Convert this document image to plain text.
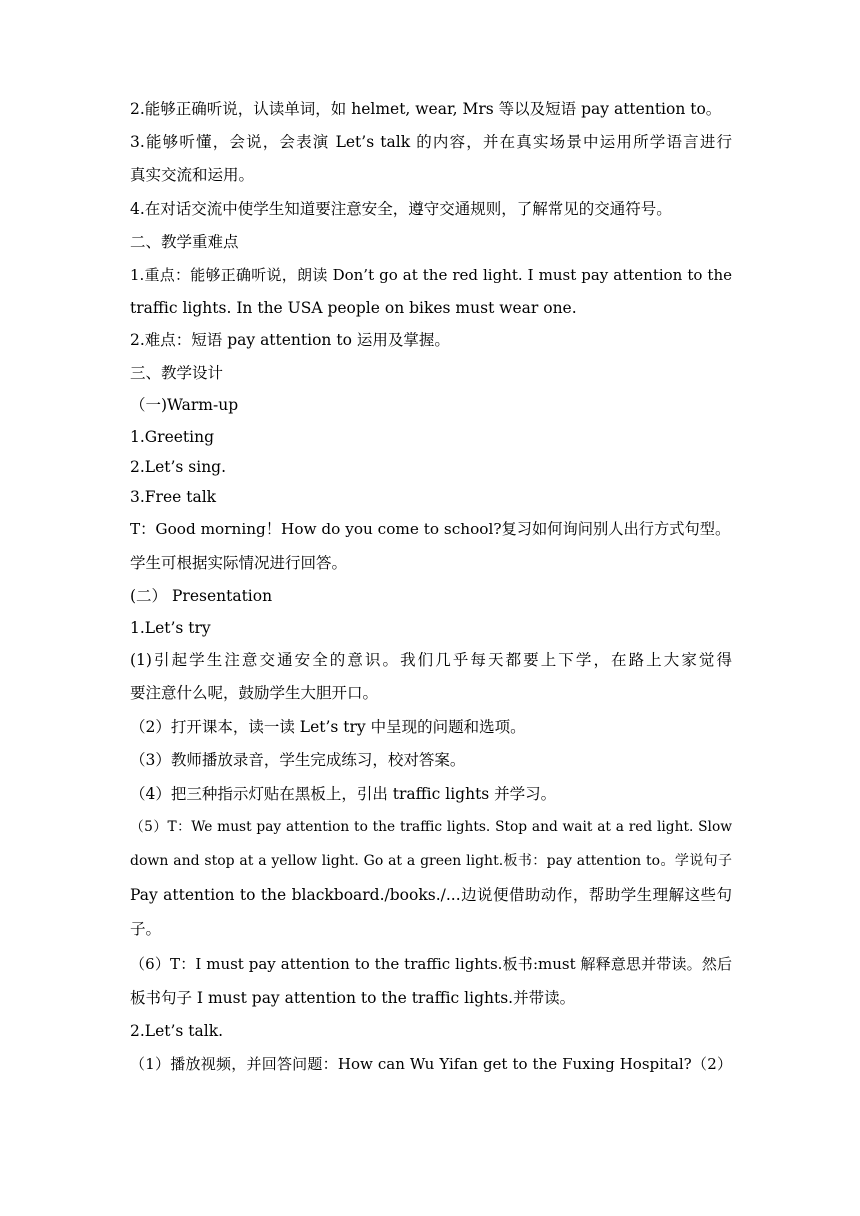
2.能够正确听说，认读单词，如 helmet, wear, Mrs 等以及短语 pay attention to。
3.能够听懂，会说，会表演 Let’s talk 的内容，并在真实场景中运用所学语言进行
真实交流和运用。
4.在对话交流中使学生知道要注意安全，遵守交通规则，了解常见的交通符号。
二、教学重难点
1.重点：能够正确听说，朗读 Don’t go at the red light. I must pay attention to the
traffic lights. In the USA people on bikes must wear one.
2.难点：短语 pay attention to 运用及掌握。
三、教学设计
（一)Warm-up
1.Greeting
2.Let’s sing.
3.Free talk
T：Good morning！How do you come to school?复习如何询问别人出行方式句型。
学生可根据实际情况进行回答。
(二） Presentation
1.Let’s try
(1)引起学生注意交通安全的意识。我们几乎每天都要上下学，在路上大家觉得
要注意什么呢，鼓励学生大胆开口。
（2）打开课本，读一读 Let’s try 中呈现的问题和选项。
（3）教师播放录音，学生完成练习，校对答案。
（4）把三种指示灯贴在黑板上，引出 traffic lights 并学习。
（5）T：We must pay attention to the traffic lights. Stop and wait at a red light. Slow
down and stop at a yellow light. Go at a green light.板书：pay attention to。学说句子
Pay attention to the blackboard./books./...边说便借助动作，帮助学生理解这些句
子。
（6）T：I must pay attention to the traffic lights.板书:must 解释意思并带读。然后
板书句子 I must pay attention to the traffic lights.并带读。
2.Let’s talk.
（1）播放视频，并回答问题：How can Wu Yifan get to the Fuxing Hospital?（2）
